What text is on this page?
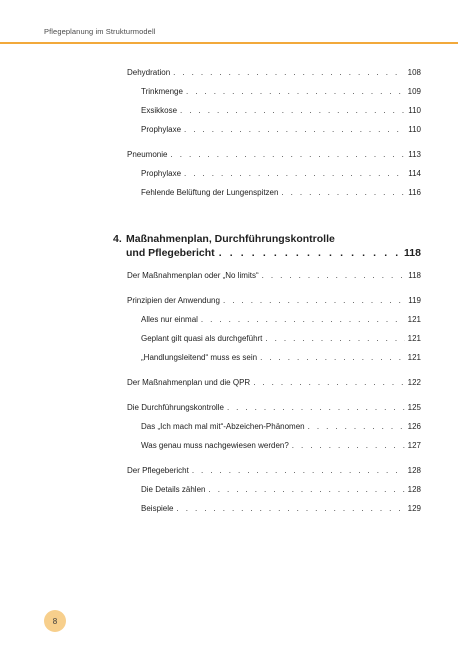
Pflegeplanung im Strukturmodell
Dehydration . . .	108
Trinkmenge . . .	109
Exsikkose . . .	110
Prophylaxe . . .	110
Pneumonie . . .	113
Prophylaxe . . .	114
Fehlende Belüftung der Lungenspitzen . . .	116
4. Maßnahmenplan, Durchführungskontrolle
und Pflegebericht . . .	118
Der Maßnahmenplan oder „No limits“ . . .	118
Prinzipien der Anwendung . . .	119
Alles nur einmal . . .	121
Geplant gilt quasi als durchgeführt . . .	121
„Handlungsleitend“ muss es sein . . .	121
Der Maßnahmenplan und die QPR . . .	122
Die Durchführungskontrolle . . .	125
Das „Ich mach mal mit“-Abzeichen-Phänomen . . .	126
Was genau muss nachgewiesen werden? . . .	127
Der Pflegebericht . . .	128
Die Details zählen . . .	128
Beispiele . . .	129
8
